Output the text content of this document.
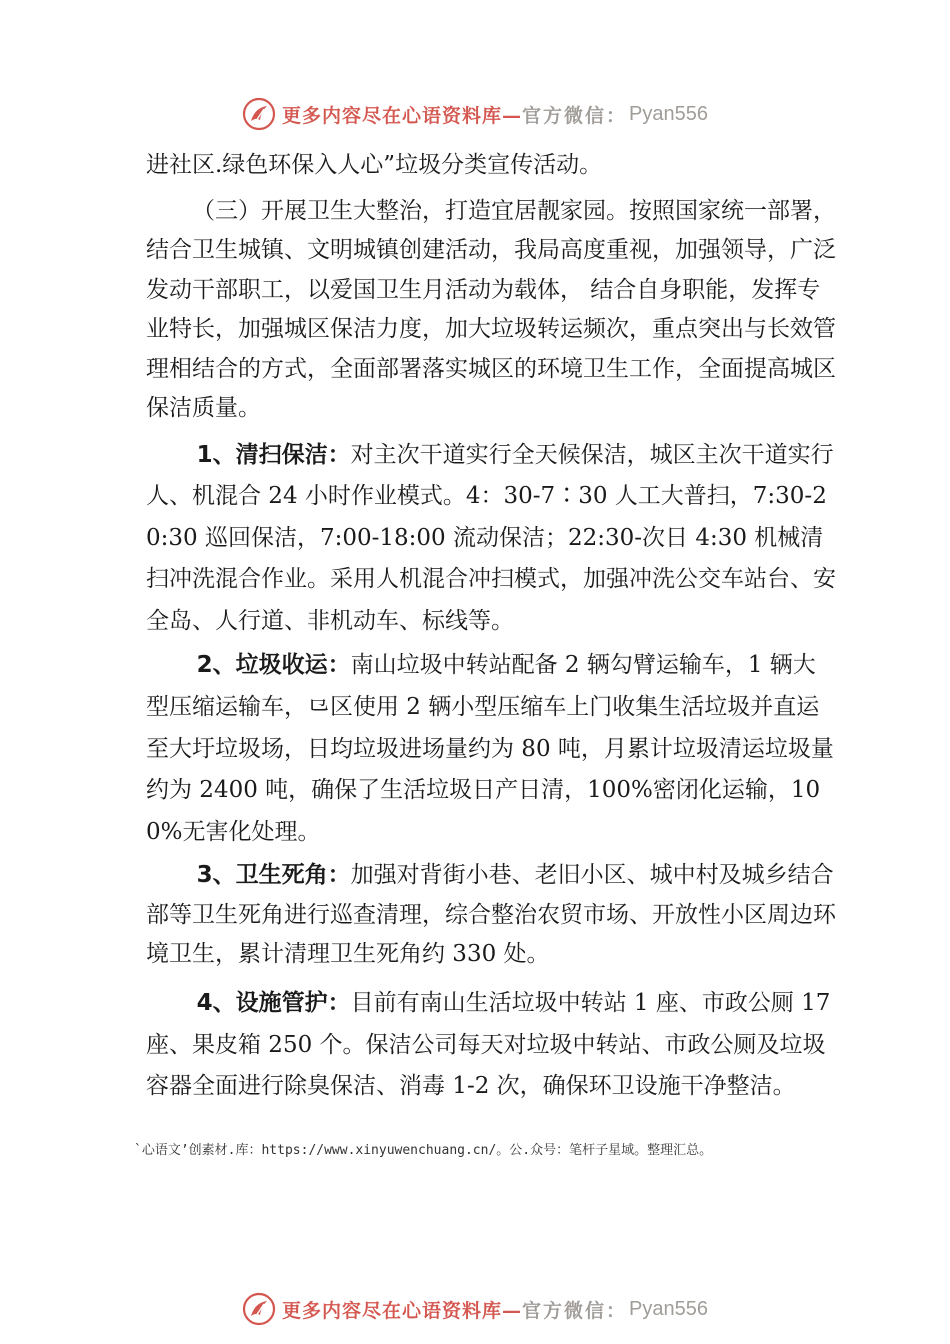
更多内容尽在心语资料库— 官方微信： Pyan556

进社区.绿色环保入人心”垃圾分类宣传活动。

（三）开展卫生大整治，打造宜居靓家园。按照国家统一部署，结合卫生城镇、文明城镇创建活动，我局高度重视，加强领导，广泛发动干部职工，以爱国卫生月活动为载体， 结合自身职能，发挥专业特长，加强城区保洁力度，加大垃圾转运频次，重点突出与长效管理相结合的方式，全面部署落实城区的环境卫生工作，全面提高城区保洁质量。

1、清扫保洁：对主次干道实行全天候保洁，城区主次干道实行人、机混合 24 小时作业模式。4：30-7∶30 人工大普扫，7:30-20:30 巡回保洁，7:00-18:00 流动保洁；22:30-次日 4:30 机械清扫冲洗混合作业。采用人机混合冲扫模式，加强冲洗公交车站台、安全岛、人行道、非机动车、标线等。

2、垃圾收运：南山垃圾中转站配备 2 辆勾臂运输车，1 辆大型压缩运输车，⺋区使用 2 辆小型压缩车上门收集生活垃圾并直运至大圩垃圾场，日均垃圾进场量约为 80 吨，月累计垃圾清运垃圾量约为 2400 吨，确保了生活垃圾日产日清，100%密闭化运输，100%无害化处理。

3、卫生死角：加强对背街小巷、老旧小区、城中村及城乡结合部等卫生死角进行巡查清理，综合整治农贸市场、开放性小区周边环境卫生，累计清理卫生死角约 330 处。

4、设施管护：目前有南山生活垃圾中转站 1 座、市政公厕 17 座、果皮箱 250 个。保洁公司每天对垃圾中转站、市政公厕及垃圾容器全面进行除臭保洁、消毒 1-2 次，确保环卫设施干净整洁。

`心语文’创素材.库：https://www.xinyuwenchuang.cn/。公.众号：笔杆子星域。整理汇总。
更多内容尽在心语资料库— 官方微信： Pyan556
